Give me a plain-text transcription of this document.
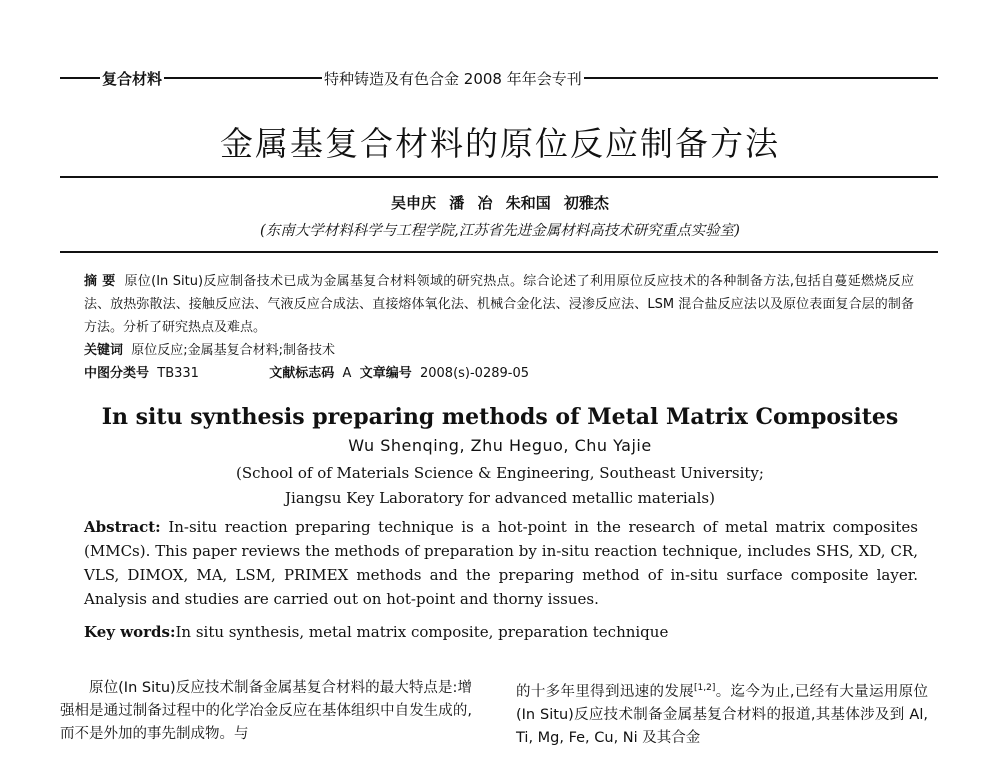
复合材料	特种铸造及有色合金 2008 年年会专刊
金属基复合材料的原位反应制备方法
吴申庆 潘 冶 朱和国 初雅杰
(东南大学材料科学与工程学院,江苏省先进金属材料高技术研究重点实验室)
摘 要 原位(In Situ)反应制备技术已成为金属基复合材料领域的研究热点。综合论述了利用原位反应技术的各种制备方法,包括自蔓延燃烧反应法、放热弥散法、接触反应法、气液反应合成法、直接熔体氧化法、机械合金化法、浸渗反应法、LSM 混合盐反应法以及原位表面复合层的制备方法。分析了研究热点及难点。
关键词 原位反应;金属基复合材料;制备技术
中图分类号 TB331	文献标志码 A 文章编号 2008(s)-0289-05
In situ synthesis preparing methods of Metal Matrix Composites
Wu Shenqing, Zhu Heguo, Chu Yajie
(School of of Materials Science & Engineering, Southeast University;
Jiangsu Key Laboratory for advanced metallic materials)
Abstract: In-situ reaction preparing technique is a hot-point in the research of metal matrix composites (MMCs). This paper reviews the methods of preparation by in-situ reaction technique, includes SHS, XD, CR, VLS, DIMOX, MA, LSM, PRIMEX methods and the preparing method of in-situ surface composite layer. Analysis and studies are carried out on hot-point and thorny issues.
Key words:In situ synthesis, metal matrix composite, preparation technique
原位(In Situ)反应技术制备金属基复合材料的最大特点是:增强相是通过制备过程中的化学冶金反应在基体组织中自发生成的,而不是外加的事先制成物。与
的十多年里得到迅速的发展[1,2]。迄今为止,已经有大量运用原位(In Situ)反应技术制备金属基复合材料的报道,其基体涉及到 Al, Ti, Mg, Fe, Cu, Ni 及其合金
